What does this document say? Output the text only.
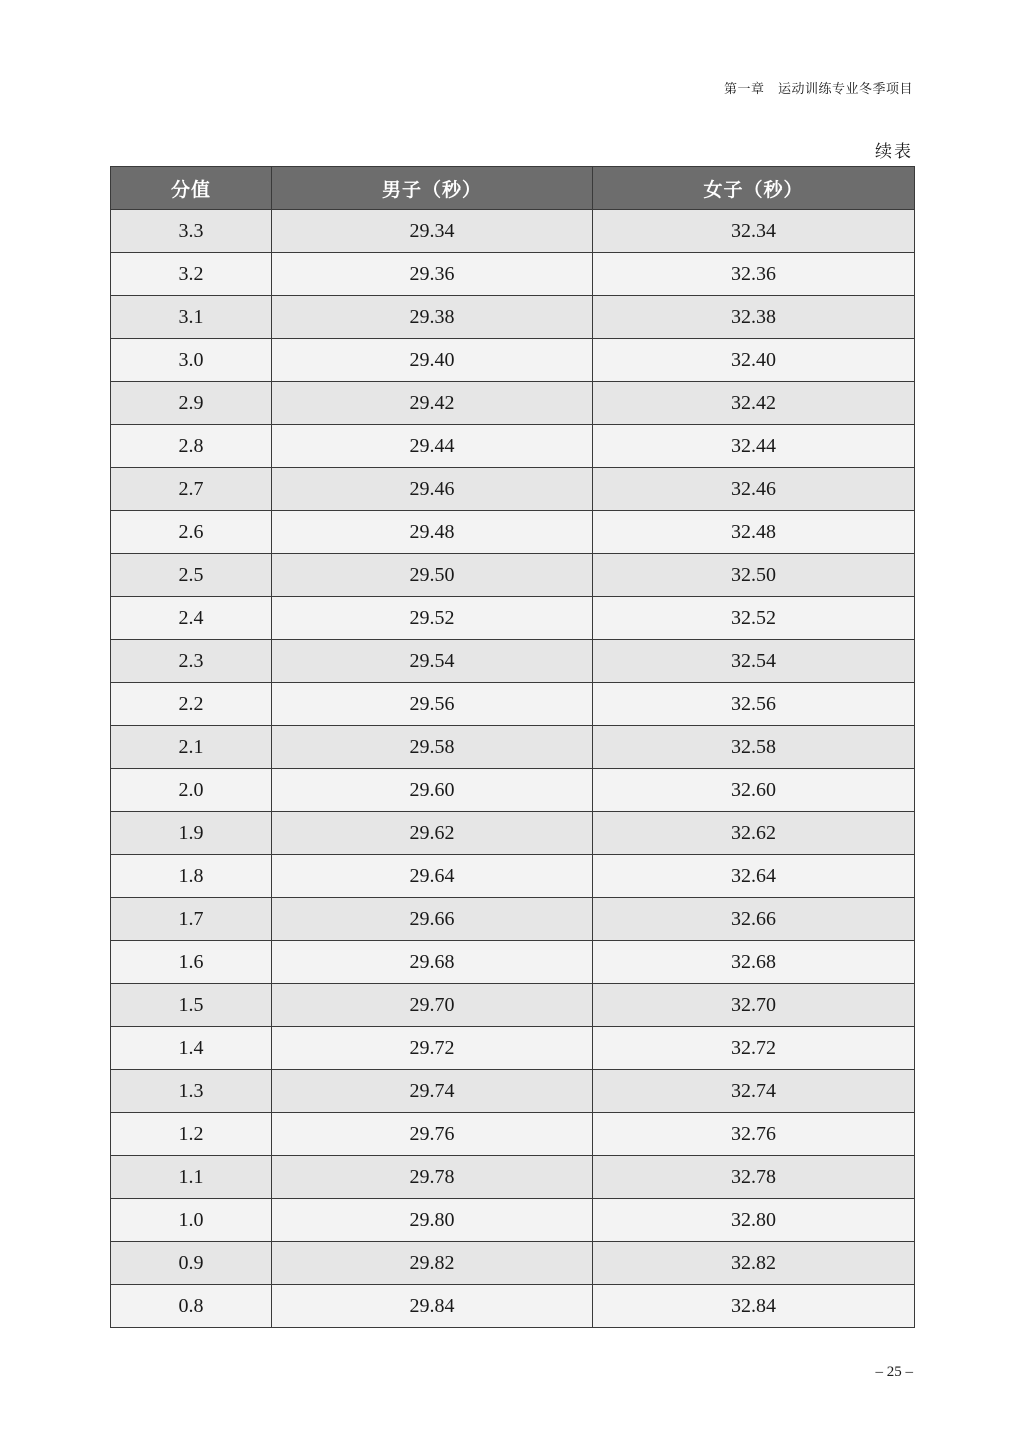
第一章　运动训练专业冬季项目
续表
分值	男子（秒）	女子（秒）
3.3	29.34	32.34
3.2	29.36	32.36
3.1	29.38	32.38
3.0	29.40	32.40
2.9	29.42	32.42
2.8	29.44	32.44
2.7	29.46	32.46
2.6	29.48	32.48
2.5	29.50	32.50
2.4	29.52	32.52
2.3	29.54	32.54
2.2	29.56	32.56
2.1	29.58	32.58
2.0	29.60	32.60
1.9	29.62	32.62
1.8	29.64	32.64
1.7	29.66	32.66
1.6	29.68	32.68
1.5	29.70	32.70
1.4	29.72	32.72
1.3	29.74	32.74
1.2	29.76	32.76
1.1	29.78	32.78
1.0	29.80	32.80
0.9	29.82	32.82
0.8	29.84	32.84
– 25 –
